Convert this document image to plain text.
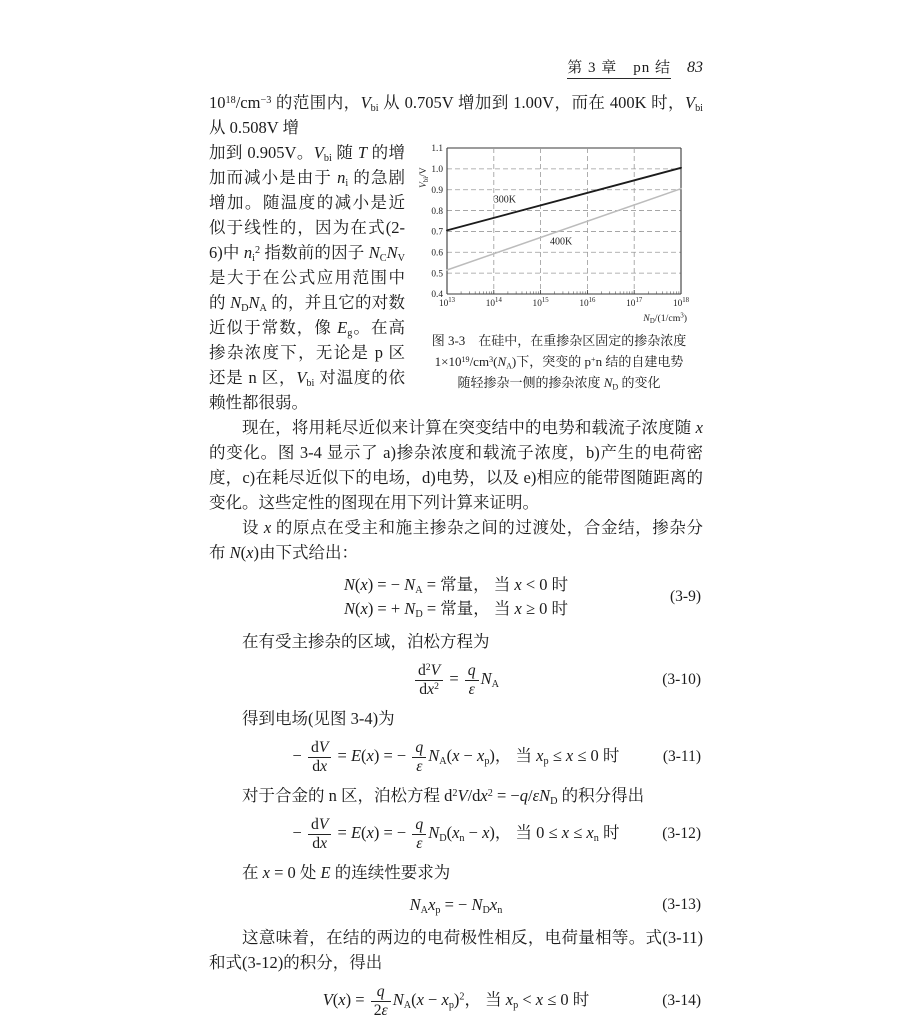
第 3 章　pn 结 83

$10^{18}/cm^{-3}$ 的范围内，$V_{bi}$ 从 0.705V 增加到 1.00V，而在 400K 时，$V_{bi}$ 从 0.508V 增

0.4
0.5
0.6
0.7
0.8
0.9
1.0
1.1
$10^{13}$	$10^{14}$	$10^{15}$	$10^{16}$	$10^{17}$	$10^{18}$
300K
400K
$V_{bi}/V$
$N_D/(1/cm^3)$
图 3-3　在硅中，在重掺杂区固定的掺杂浓度
$1\times 10^{19}/cm^3(N_A)$下，突变的 p+n 结的自建电势
随轻掺杂一侧的掺杂浓度 $N_D$ 的变化

加到 0.905V。$V_{bi}$ 随 T 的增加而减小是由于 $n_i$ 的急剧增加。随温度的减小是近似于线性的，因为在式(2-6)中 $n_i^2$ 指数前的因子 $N_CN_V$ 是大于在公式应用范围中的 $N_DN_A$ 的，并且它的对数近似于常数，像 $E_g$。在高掺杂浓度下，无论是 p 区还是 n 区，$V_{bi}$ 对温度的依赖性都很弱。

现在，将用耗尽近似来计算在突变结中的电势和载流子浓度随 x 的变化。图 3-4 显示了 a)掺杂浓度和载流子浓度，b)产生的电荷密度，c)在耗尽近似下的电场，d)电势，以及 e)相应的能带图随距离的变化。这些定性的图现在用下列计算来证明。

设 x 的原点在受主和施主掺杂之间的过渡处，合金结，掺杂分布 N(x)由下式给出：

N(x) = − $N_A$ = 常量， 当 x < 0 时
N(x) = + $N_D$ = 常量， 当 x ≥ 0 时
(3-9)

在有受主掺杂的区域，泊松方程为

$\frac{d^2V}{dx^2} = \frac{q}{\varepsilon} N_A$	(3-10)

得到电场(见图 3-4)为

− $\frac{dV}{dx} = E(x)$ = − $\frac{q}{\varepsilon} N_A(x - x_p)$， 当 $x_p \le x \le 0$ 时	(3-11)

对于合金的 n 区，泊松方程 $d^2V/dx^2 = -q/\varepsilon N_D$ 的积分得出

− $\frac{dV}{dx} = E(x)$ = − $\frac{q}{\varepsilon} N_D(x_n - x)$， 当 $0 \le x \le x_n$ 时	(3-12)

在 x = 0 处 E 的连续性要求为

$N_Ax_p$ = − $N_Dx_n$	(3-13)

这意味着，在结的两边的电荷极性相反，电荷量相等。式(3-11)和式(3-12)的积分，得出

$V(x) = \frac{q}{2\varepsilon} N_A(x - x_p)^2$， 当 $x_p < x \le 0$ 时	(3-14)
